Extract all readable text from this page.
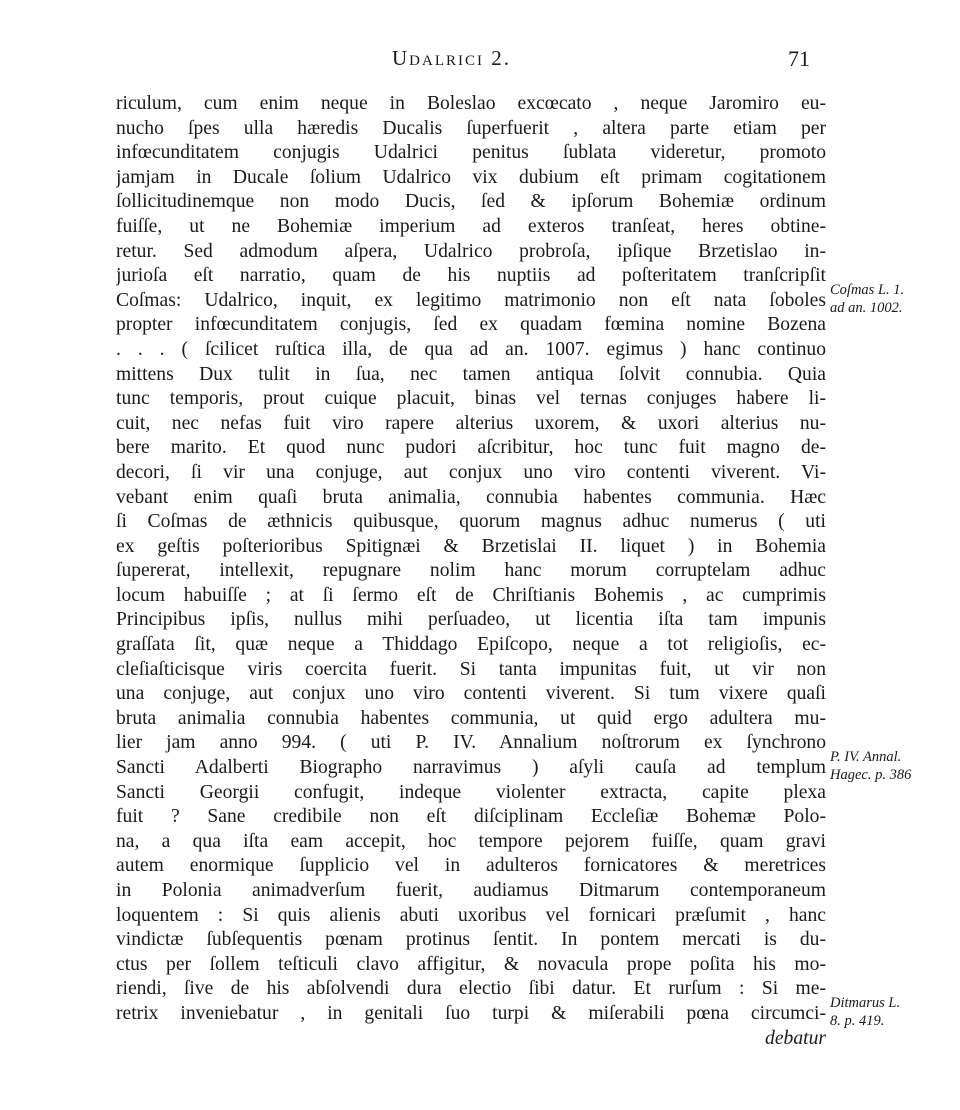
Udalrici 2.	71
riculum, cum enim neque in Boleslao excœcato , neque Jaromiro eu-
nucho ſpes ulla hæredis Ducalis ſuperfuerit , altera parte etiam per
infœcunditatem conjugis Udalrici penitus ſublata videretur, promoto
jamjam in Ducale ſolium Udalrico vix dubium eſt primam cogitationem
ſollicitudinemque non modo Ducis, ſed & ipſorum Bohemiæ ordinum
fuiſſe, ut ne Bohemiæ imperium ad exteros tranſeat, heres obtine-
retur. Sed admodum aſpera, Udalrico probroſa, ipſique Brzetislao in-
jurioſa eſt narratio, quam de his nuptiis ad poſteritatem tranſcripſit
Coſmas: Udalrico, inquit, ex legitimo matrimonio non eſt nata ſoboles
propter infœcunditatem conjugis, ſed ex quadam fœmina nomine Bozena
. . . ( ſcilicet ruſtica illa, de qua ad an. 1007. egimus ) hanc continuo
mittens Dux tulit in ſua, nec tamen antiqua ſolvit connubia. Quia
tunc temporis, prout cuique placuit, binas vel ternas conjuges habere li-
cuit, nec nefas fuit viro rapere alterius uxorem, & uxori alterius nu-
bere marito. Et quod nunc pudori aſcribitur, hoc tunc fuit magno de-
decori, ſi vir una conjuge, aut conjux uno viro contenti viverent. Vi-
vebant enim quaſi bruta animalia, connubia habentes communia. Hæc
ſi Coſmas de æthnicis quibusque, quorum magnus adhuc numerus ( uti
ex geſtis poſterioribus Spitignæi & Brzetislai II. liquet ) in Bohemia
ſupererat, intellexit, repugnare nolim hanc morum corruptelam adhuc
locum habuiſſe ; at ſi ſermo eſt de Chriſtianis Bohemis , ac cumprimis
Principibus ipſis, nullus mihi perſuadeo, ut licentia iſta tam impunis
graſſata ſit, quæ neque a Thiddago Epiſcopo, neque a tot religioſis, ec-
cleſiaſticisque viris coercita fuerit. Si tanta impunitas fuit, ut vir non
una conjuge, aut conjux uno viro contenti viverent. Si tum vixere quaſi
bruta animalia connubia habentes communia, ut quid ergo adultera mu-
lier jam anno 994. ( uti P. IV. Annalium noſtrorum ex ſynchrono
Sancti Adalberti Biographo narravimus ) aſyli cauſa ad templum
Sancti Georgii confugit, indeque violenter extracta, capite plexa
fuit ? Sane credibile non eſt diſciplinam Eccleſiæ Bohemæ Polo-
na, a qua iſta eam accepit, hoc tempore pejorem fuiſſe, quam gravi
autem enormique ſupplicio vel in adulteros fornicatores & meretrices
in Polonia animadverſum fuerit, audiamus Ditmarum contemporaneum
loquentem : Si quis alienis abuti uxoribus vel fornicari præſumit , hanc
vindictæ ſubſequentis pœnam protinus ſentit. In pontem mercati is du-
ctus per ſollem teſticuli clavo affigitur, & novacula prope poſita his mo-
riendi, ſive de his abſolvendi dura electio ſibi datur. Et rurſum : Si me-
retrix inveniebatur , in genitali ſuo turpi & miſerabili pœna circumci-
debatur
Coſmas L. 1.
ad an. 1002.
P. IV. Annal.
Hagec. p. 386
Ditmarus L.
8. p. 419.
